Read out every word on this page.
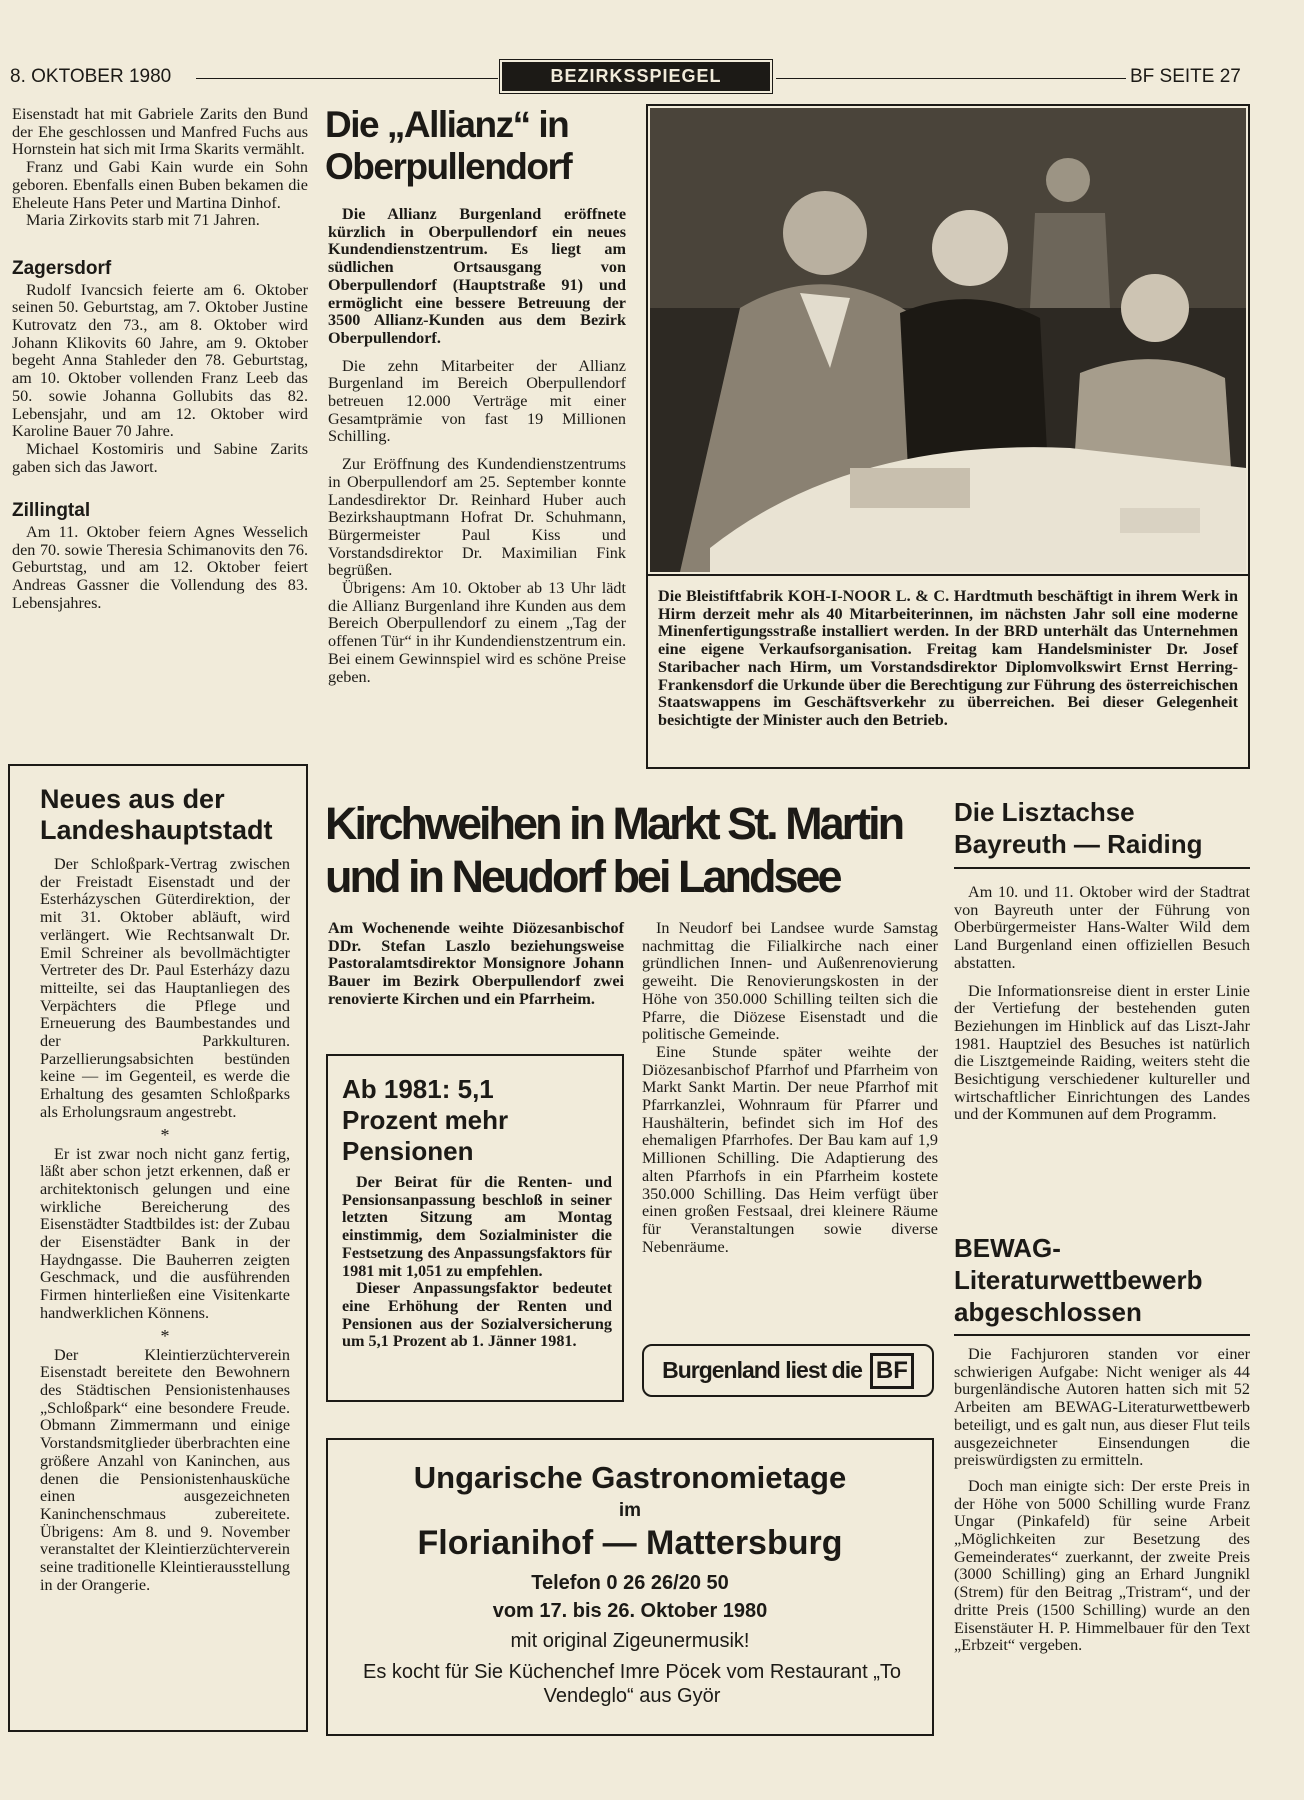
8. OKTOBER 1980	BEZIRKSSPIEGEL	BF SEITE 27

Eisenstadt hat mit Gabriele Zarits den Bund der Ehe geschlossen und Manfred Fuchs aus Hornstein hat sich mit Irma Skarits vermählt.

Franz und Gabi Kain wurde ein Sohn geboren. Ebenfalls einen Buben bekamen die Eheleute Hans Peter und Martina Dinhof.

Maria Zirkovits starb mit 71 Jahren.

Zagersdorf

Rudolf Ivancsich feierte am 6. Oktober seinen 50. Geburtstag, am 7. Oktober Justine Kutrovatz den 73., am 8. Oktober wird Johann Klikovits 60 Jahre, am 9. Oktober begeht Anna Stahleder den 78. Geburtstag, am 10. Oktober vollenden Franz Leeb das 50. sowie Johanna Gollubits das 82. Lebensjahr, und am 12. Oktober wird Karoline Bauer 70 Jahre.

Michael Kostomiris und Sabine Zarits gaben sich das Jawort.

Zillingtal

Am 11. Oktober feiern Agnes Wesselich den 70. sowie Theresia Schimanovits den 76. Geburtstag, und am 12. Oktober feiert Andreas Gassner die Vollendung des 83. Lebensjahres.

Die „Allianz“ in Oberpullendorf

Die Allianz Burgenland eröffnete kürzlich in Oberpullendorf ein neues Kundendienstzentrum. Es liegt am südlichen Ortsausgang von Oberpullendorf (Hauptstraße 91) und ermöglicht eine bessere Betreuung der 3500 Allianz-Kunden aus dem Bezirk Oberpullendorf.

Die zehn Mitarbeiter der Allianz Burgenland im Bereich Oberpullendorf betreuen 12.000 Verträge mit einer Gesamtprämie von fast 19 Millionen Schilling.

Zur Eröffnung des Kundendienstzentrums in Oberpullendorf am 25. September konnte Landesdirektor Dr. Reinhard Huber auch Bezirkshauptmann Hofrat Dr. Schuhmann, Bürgermeister Paul Kiss und Vorstandsdirektor Dr. Maximilian Fink begrüßen.

Übrigens: Am 10. Oktober ab 13 Uhr lädt die Allianz Burgenland ihre Kunden aus dem Bereich Oberpullendorf zu einem „Tag der offenen Tür“ in ihr Kundendienstzentrum ein. Bei einem Gewinnspiel wird es schöne Preise geben.

Die Bleistiftfabrik KOH-I-NOOR L. & C. Hardtmuth beschäftigt in ihrem Werk in Hirm derzeit mehr als 40 Mitarbeiterinnen, im nächsten Jahr soll eine moderne Minenfertigungsstraße installiert werden. In der BRD unterhält das Unternehmen eine eigene Verkaufsorganisation. Freitag kam Handelsminister Dr. Josef Staribacher nach Hirm, um Vorstandsdirektor Diplomvolkswirt Ernst Herring-Frankensdorf die Urkunde über die Berechtigung zur Führung des österreichischen Staatswappens im Geschäftsverkehr zu überreichen. Bei dieser Gelegenheit besichtigte der Minister auch den Betrieb.
Neues aus der Landeshauptstadt

Der Schloßpark-Vertrag zwischen der Freistadt Eisenstadt und der Esterházyschen Güterdirektion, der mit 31. Oktober abläuft, wird verlängert. Wie Rechtsanwalt Dr. Emil Schreiner als bevollmächtigter Vertreter des Dr. Paul Esterházy dazu mitteilte, sei das Hauptanliegen des Verpächters die Pflege und Erneuerung des Baumbestandes und der Parkkulturen. Parzellierungsabsichten bestünden keine — im Gegenteil, es werde die Erhaltung des gesamten Schloßparks als Erholungsraum angestrebt.

*

Er ist zwar noch nicht ganz fertig, läßt aber schon jetzt erkennen, daß er architektonisch gelungen und eine wirkliche Bereicherung des Eisenstädter Stadtbildes ist: der Zubau der Eisenstädter Bank in der Haydngasse. Die Bauherren zeigten Geschmack, und die ausführenden Firmen hinterließen eine Visitenkarte handwerklichen Könnens.

*

Der Kleintierzüchterverein Eisenstadt bereitete den Bewohnern des Städtischen Pensionistenhauses „Schloßpark“ eine besondere Freude. Obmann Zimmermann und einige Vorstandsmitglieder überbrachten eine größere Anzahl von Kaninchen, aus denen die Pensionistenhausküche einen ausgezeichneten Kaninchenschmaus zubereitete. Übrigens: Am 8. und 9. November veranstaltet der Kleintierzüchterverein seine traditionelle Kleintierausstellung in der Orangerie.

Kirchweihen in Markt St. Martin
und in Neudorf bei Landsee
Am Wochenende weihte Diözesanbischof DDr. Stefan Laszlo beziehungsweise Pastoralamtsdirektor Monsignore Johann Bauer im Bezirk Oberpullendorf zwei renovierte Kirchen und ein Pfarrheim.

In Neudorf bei Landsee wurde Samstag nachmittag die Filialkirche nach einer gründlichen Innen- und Außenrenovierung geweiht. Die Renovierungskosten in der Höhe von 350.000 Schilling teilten sich die Pfarre, die Diözese Eisenstadt und die politische Gemeinde.

Eine Stunde später weihte der Diözesanbischof Pfarrhof und Pfarrheim von Markt Sankt Martin. Der neue Pfarrhof mit Pfarrkanzlei, Wohnraum für Pfarrer und Haushälterin, befindet sich im Hof des ehemaligen Pfarrhofes. Der Bau kam auf 1,9 Millionen Schilling. Die Adaptierung des alten Pfarrhofs in ein Pfarrheim kostete 350.000 Schilling. Das Heim verfügt über einen großen Festsaal, drei kleinere Räume für Veranstaltungen sowie diverse Nebenräume.

Ab 1981: 5,1 Prozent mehr Pensionen

Der Beirat für die Renten- und Pensionsanpassung beschloß in seiner letzten Sitzung am Montag einstimmig, dem Sozialminister die Festsetzung des Anpassungsfaktors für 1981 mit 1,051 zu empfehlen.

Dieser Anpassungsfaktor bedeutet eine Erhöhung der Renten und Pensionen aus der Sozialversicherung um 5,1 Prozent ab 1. Jänner 1981.

Burgenland liest die BF
Ungarische Gastronomietage
im
Florianihof — Mattersburg
Telefon 0 26 26/20 50
vom 17. bis 26. Oktober 1980
mit original Zigeunermusik!
Es kocht für Sie Küchenchef Imre Pöcek vom Restaurant „To Vendeglo“ aus Györ
Die Lisztachse Bayreuth — Raiding

Am 10. und 11. Oktober wird der Stadtrat von Bayreuth unter der Führung von Oberbürgermeister Hans-Walter Wild dem Land Burgenland einen offiziellen Besuch abstatten.

Die Informationsreise dient in erster Linie der Vertiefung der bestehenden guten Beziehungen im Hinblick auf das Liszt-Jahr 1981. Hauptziel des Besuches ist natürlich die Lisztgemeinde Raiding, weiters steht die Besichtigung verschiedener kultureller und wirtschaftlicher Einrichtungen des Landes und der Kommunen auf dem Programm.

BEWAG-Literaturwettbewerb abgeschlossen

Die Fachjuroren standen vor einer schwierigen Aufgabe: Nicht weniger als 44 burgenländische Autoren hatten sich mit 52 Arbeiten am BEWAG-Literaturwettbewerb beteiligt, und es galt nun, aus dieser Flut teils ausgezeichneter Einsendungen die preiswürdigsten zu ermitteln.

Doch man einigte sich: Der erste Preis in der Höhe von 5000 Schilling wurde Franz Ungar (Pinkafeld) für seine Arbeit „Möglichkeiten zur Besetzung des Gemeinderates“ zuerkannt, der zweite Preis (3000 Schilling) ging an Erhard Jungnikl (Strem) für den Beitrag „Tristram“, und der dritte Preis (1500 Schilling) wurde an den Eisenstäuter H. P. Himmelbauer für den Text „Erbzeit“ vergeben.
